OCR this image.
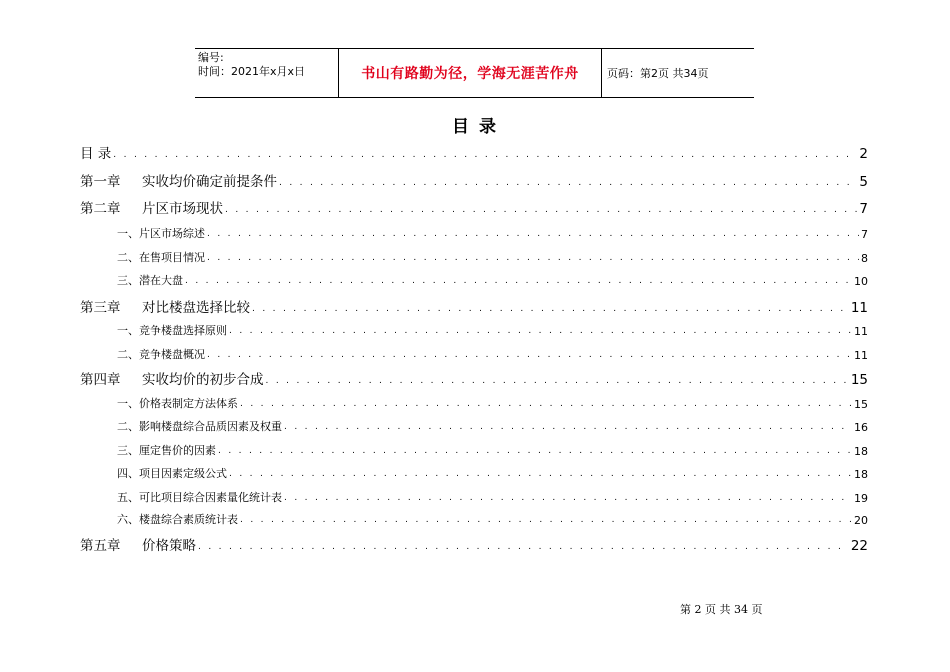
编号:
时间：2021年x月x日	书山有路勤为径，学海无涯苦作舟	页码：第2页 共34页
目 录
目 录 . . .	2
第一章	实收均价确定前提条件 . . .	5
第二章	片区市场现状 . . .	7
一、 片区市场综述 . . .	7
二、 在售项目情况 . . .	8
三、 潜在大盘 . . .	10
第三章	对比楼盘选择比较 . . .	11
一、 竞争楼盘选择原则 . . .	11
二、 竞争楼盘概况 . . .	11
第四章	实收均价的初步合成 . . .	15
一、 价格表制定方法体系 . . .	15
二、 影响楼盘综合品质因素及权重 . . .	16
三、 厘定售价的因素 . . .	18
四、 项目因素定级公式 . . .	18
五、 可比项目综合因素量化统计表 . . .	19
六、 楼盘综合素质统计表 . . .	20
第五章	价格策略 . . .	22
第 2 页 共 34 页
